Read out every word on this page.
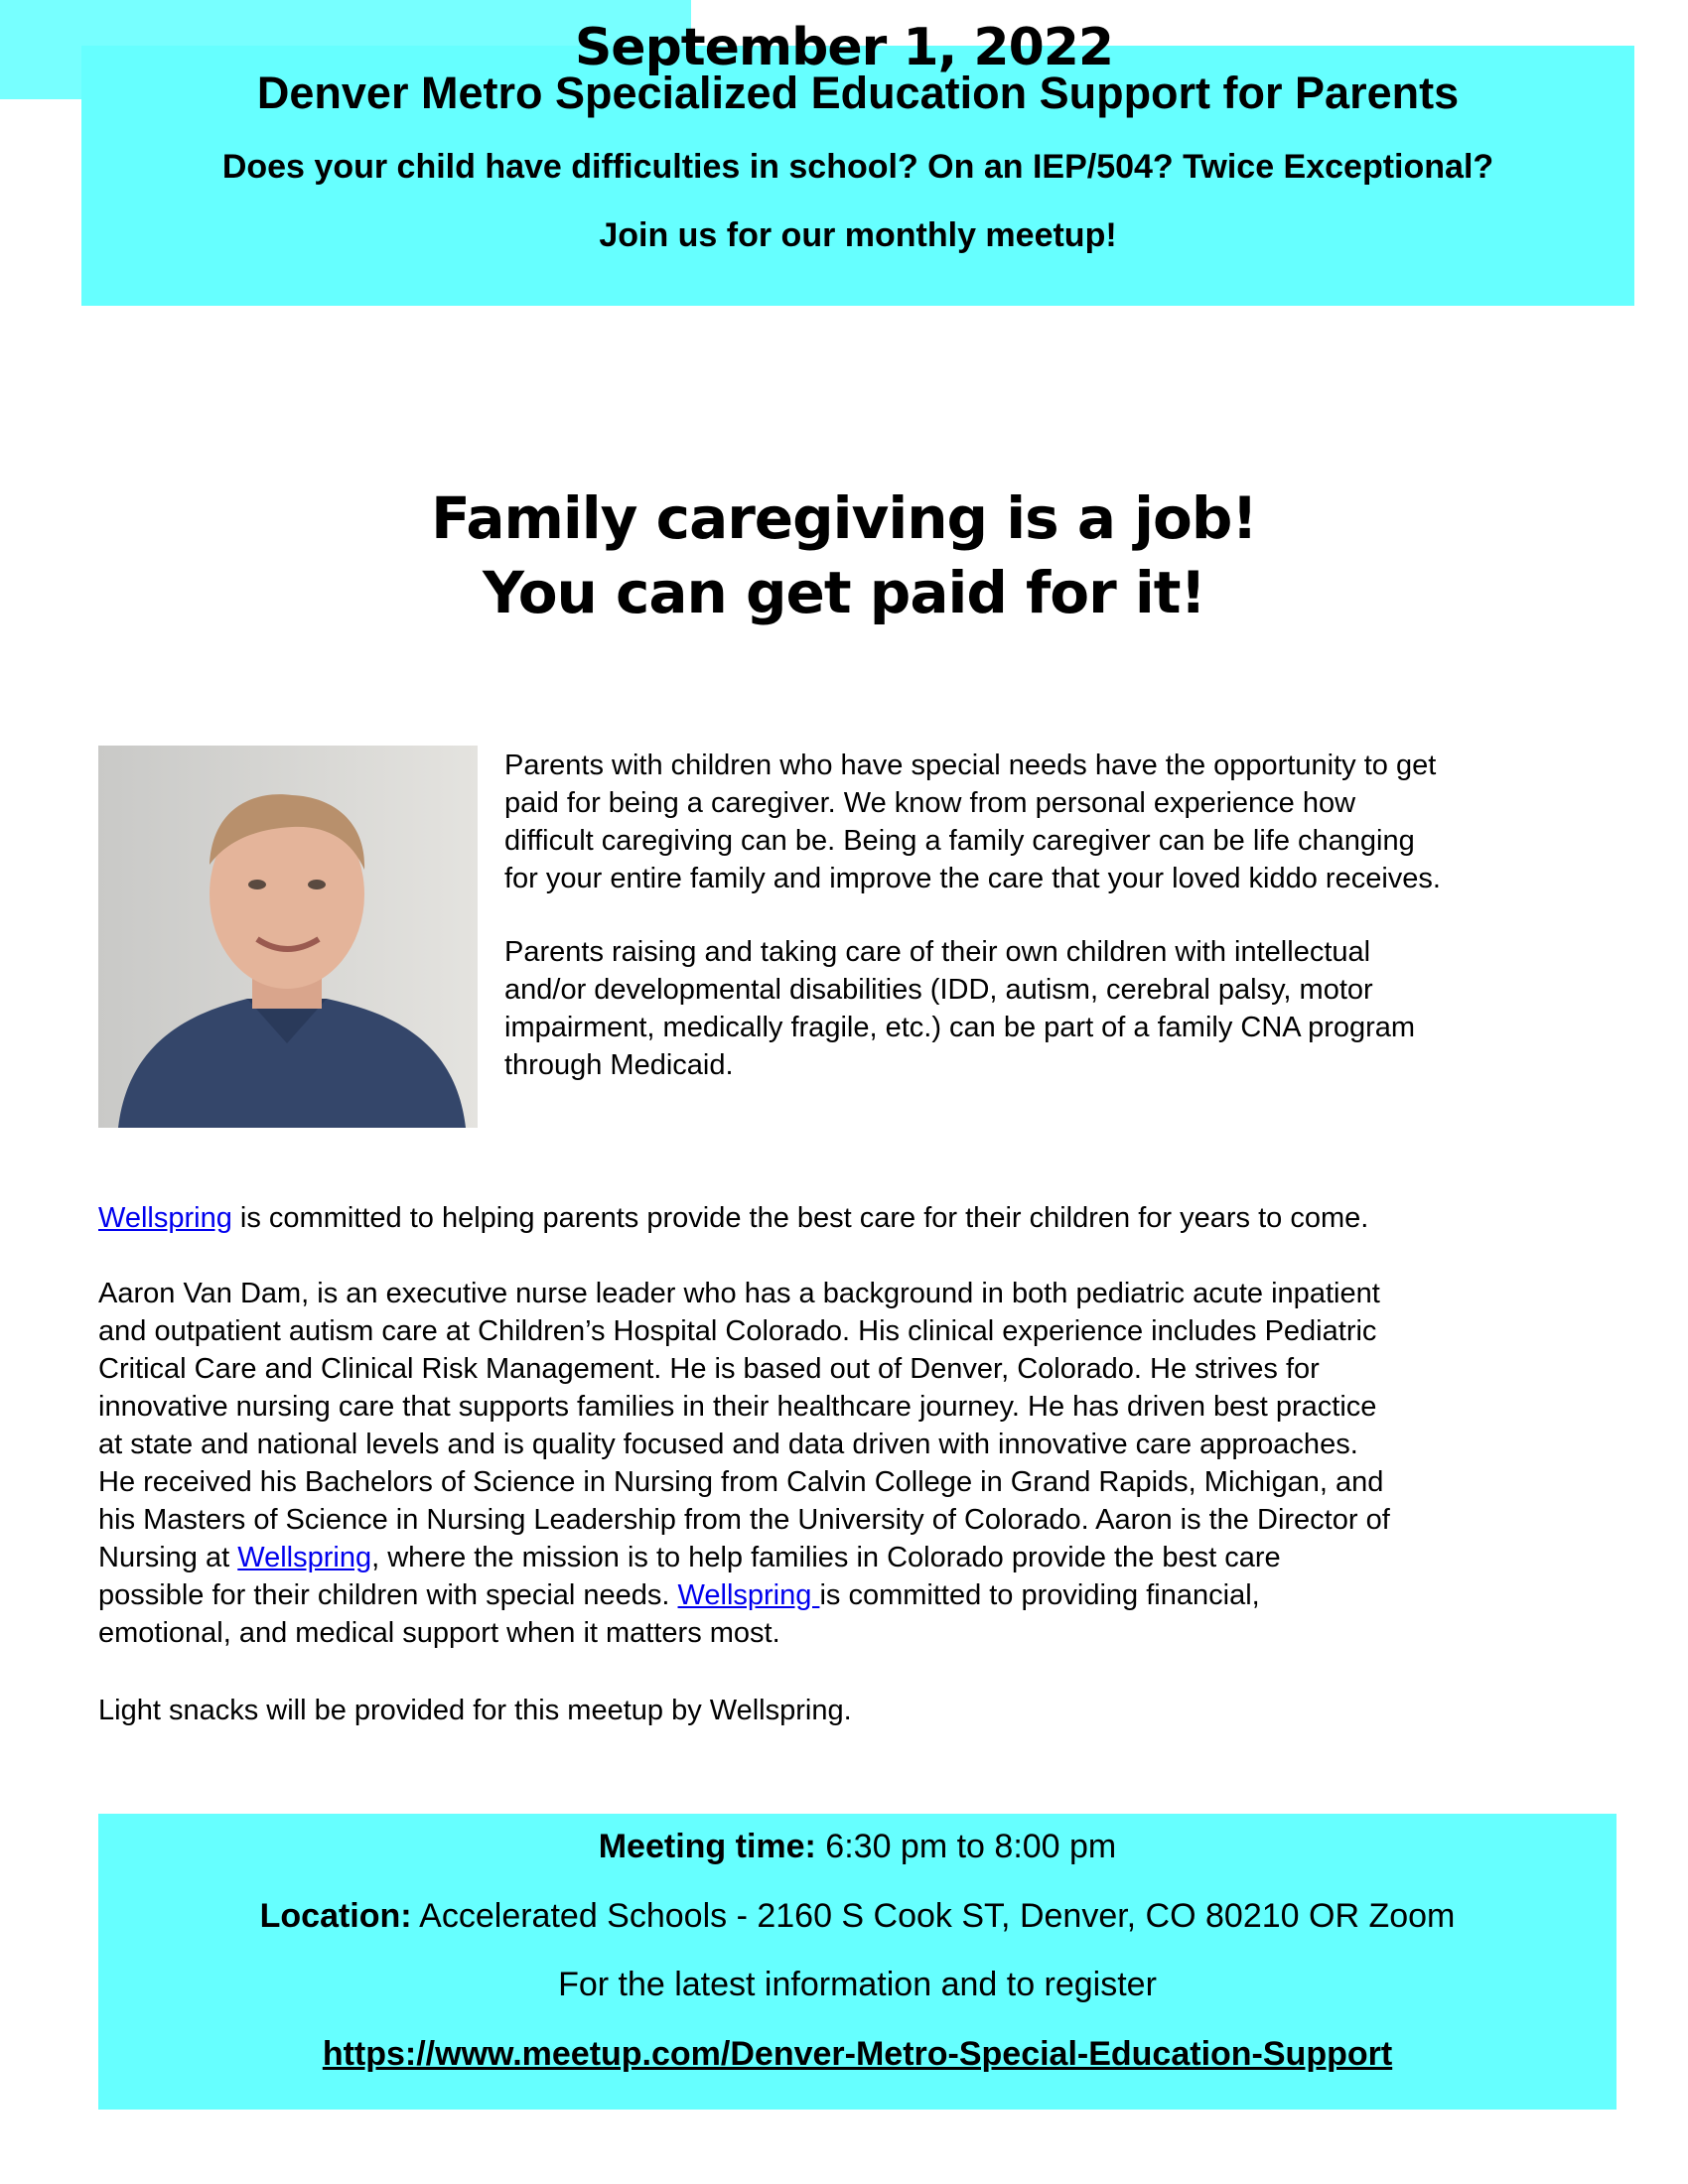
Denver Metro Specialized Education Support for Parents
Does your child have difficulties in school? On an IEP/504? Twice Exceptional?
Join us for our monthly meetup!
September 1, 2022
Family caregiving is a job!
You can get paid for it!
Parents with children who have special needs have the opportunity to get
paid for being a caregiver. We know from personal experience how
difficult caregiving can be. Being a family caregiver can be life changing
for your entire family and improve the care that your loved kiddo receives.
Parents raising and taking care of their own children with intellectual
and/or developmental disabilities (IDD, autism, cerebral palsy, motor
impairment, medically fragile, etc.) can be part of a family CNA program
through Medicaid.
Wellspring is committed to helping parents provide the best care for their children for years to come.
Aaron Van Dam, is an executive nurse leader who has a background in both pediatric acute inpatient
and outpatient autism care at Children’s Hospital Colorado. His clinical experience includes Pediatric
Critical Care and Clinical Risk Management. He is based out of Denver, Colorado. He strives for
innovative nursing care that supports families in their healthcare journey. He has driven best practice
at state and national levels and is quality focused and data driven with innovative care approaches.
He received his Bachelors of Science in Nursing from Calvin College in Grand Rapids, Michigan, and
his Masters of Science in Nursing Leadership from the University of Colorado. Aaron is the Director of
Nursing at Wellspring, where the mission is to help families in Colorado provide the best care
possible for their children with special needs. Wellspring is committed to providing financial,
emotional, and medical support when it matters most.
Light snacks will be provided for this meetup by Wellspring.
Meeting time: 6:30 pm to 8:00 pm
Location: Accelerated Schools - 2160 S Cook ST, Denver, CO 80210 OR Zoom
For the latest information and to register
https://www.meetup.com/Denver-Metro-Special-Education-Support
